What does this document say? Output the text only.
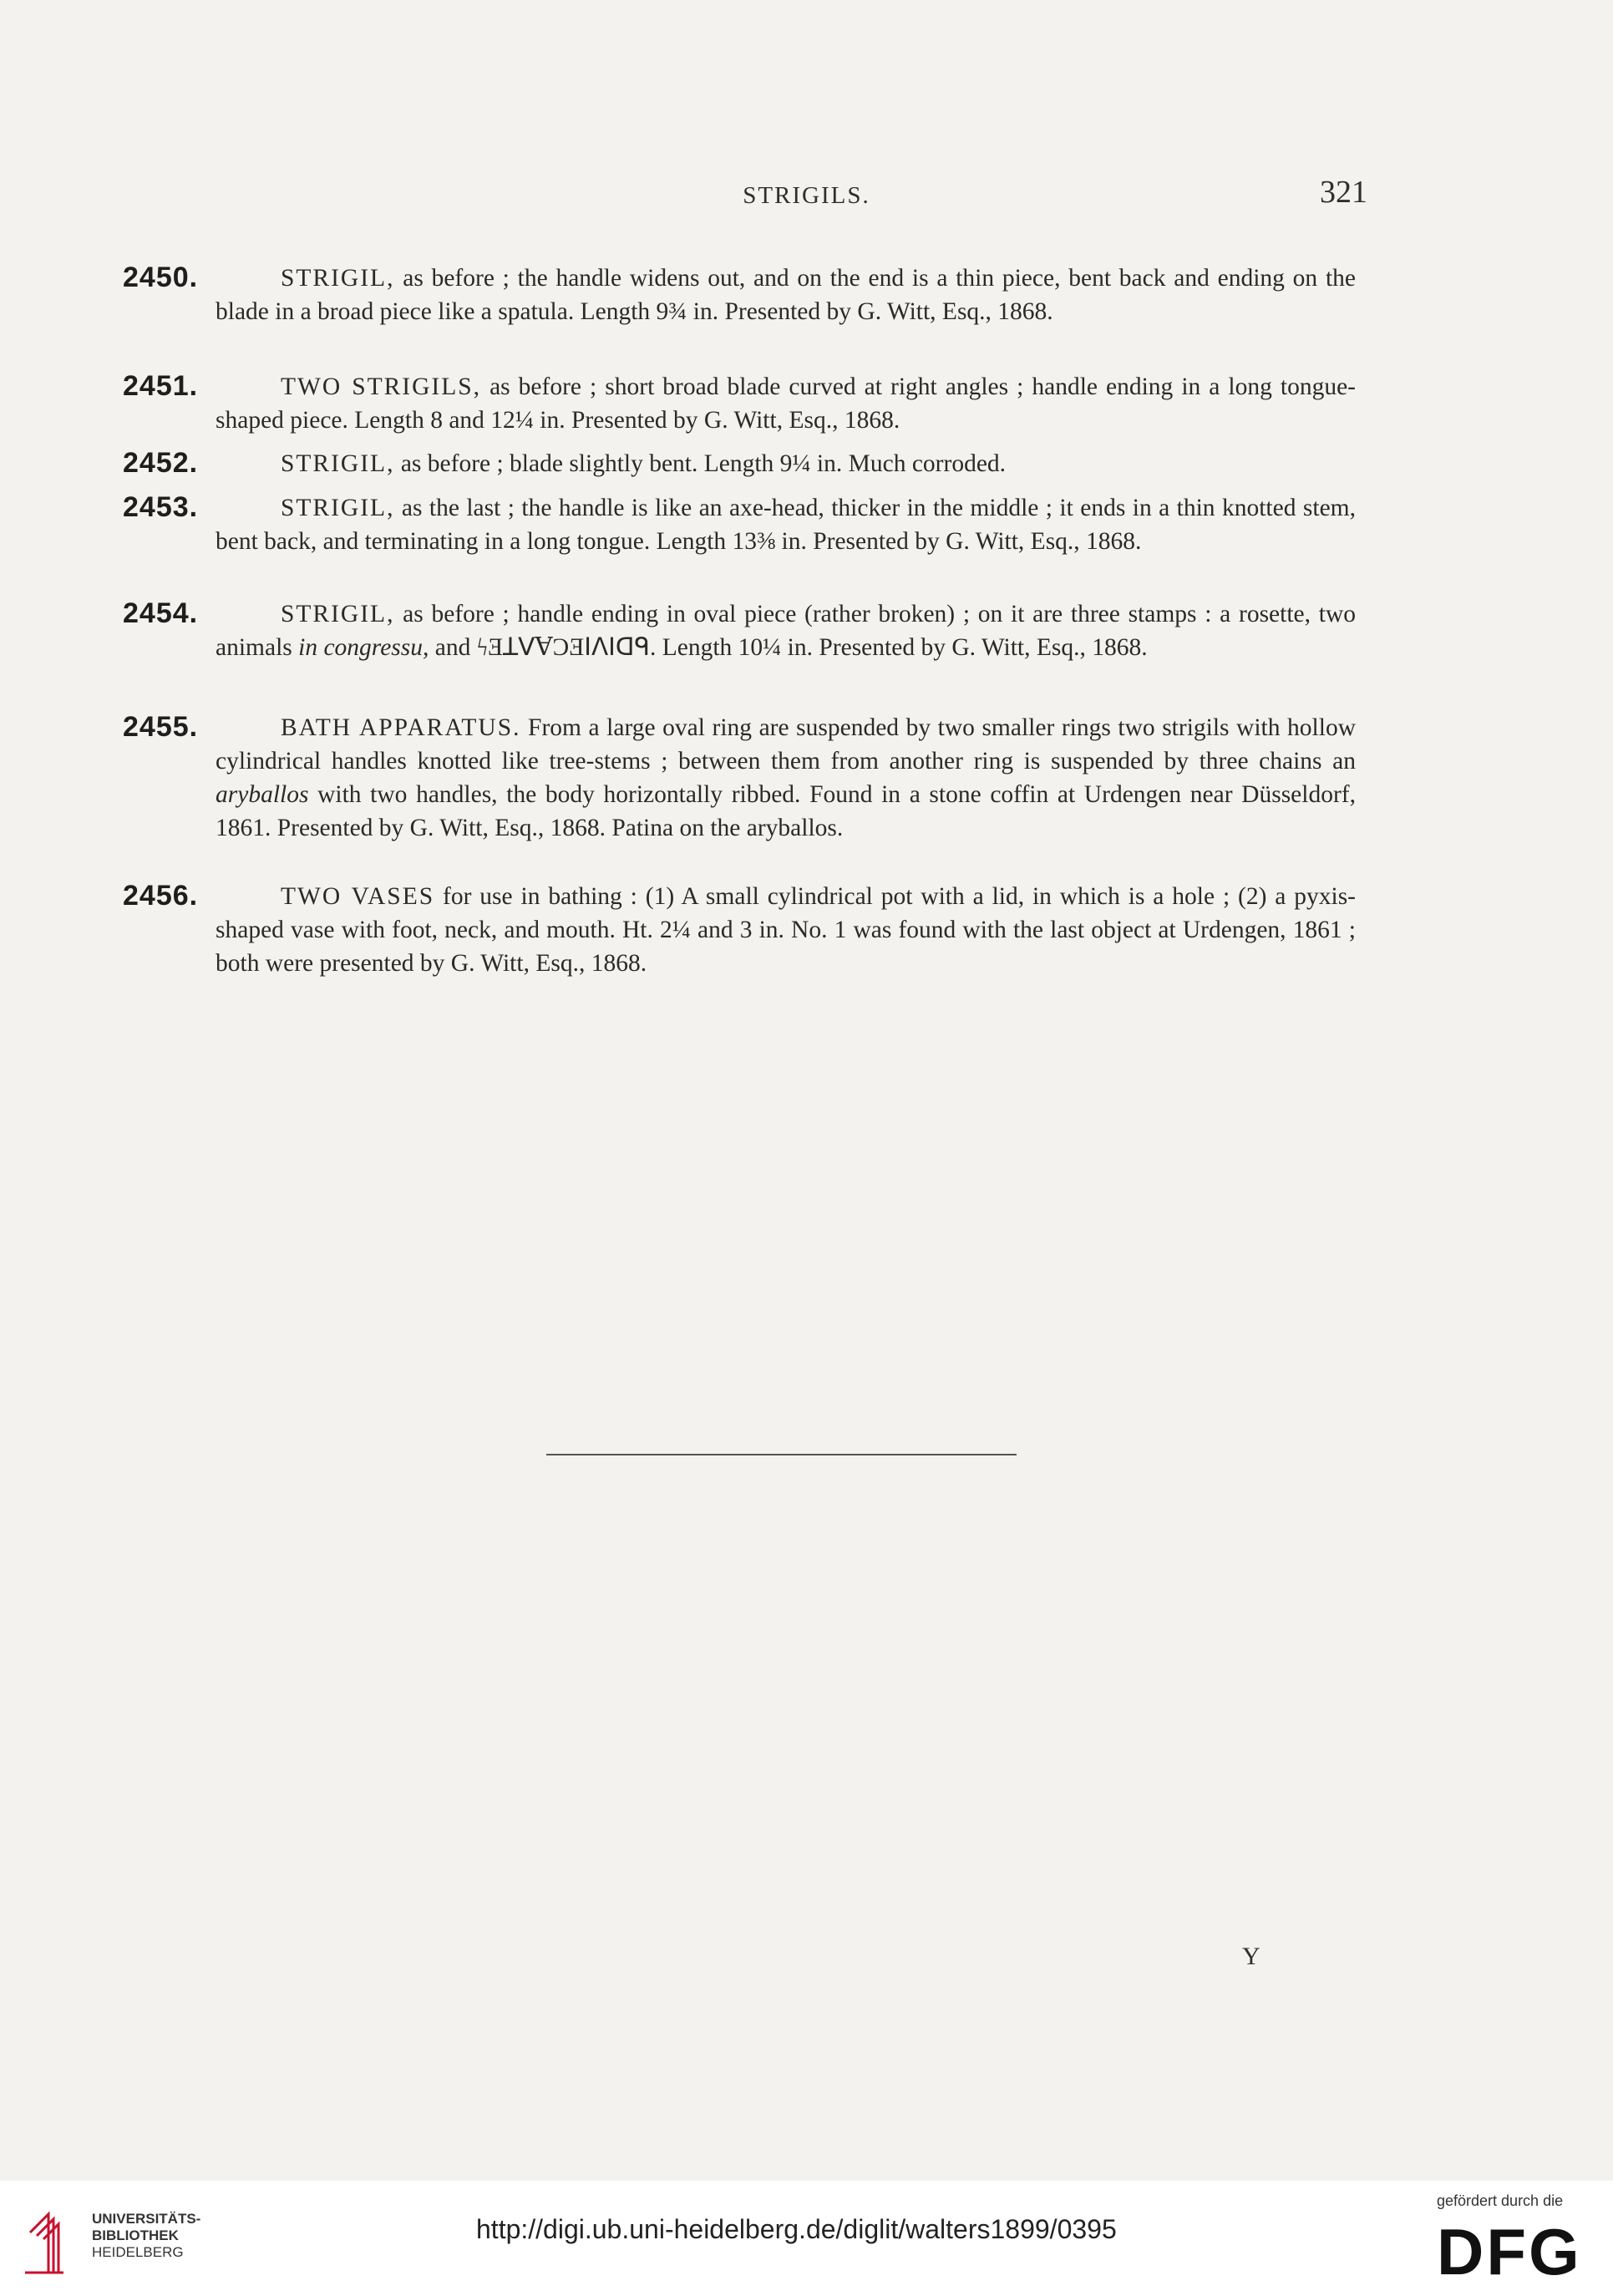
STRIGILS.	321
2450.	STRIGIL, as before ; the handle widens out, and on the end is a thin piece, bent back and ending on the blade in a broad piece like a spatula. Length 9¾ in. Presented by G. Witt, Esq., 1868.
2451.	TWO STRIGILS, as before ; short broad blade curved at right angles ; handle ending in a long tongue-shaped piece. Length 8 and 12¼ in. Presented by G. Witt, Esq., 1868.
2452.	STRIGIL, as before ; blade slightly bent. Length 9¼ in. Much corroded.
2453.	STRIGIL, as the last ; the handle is like an axe-head, thicker in the middle ; it ends in a thin knotted stem, bent back, and terminating in a long tongue. Length 13⅜ in. Presented by G. Witt, Esq., 1868.
2454.	STRIGIL, as before ; handle ending in oval piece (rather broken) ; on it are three stamps : a rosette, two animals in congressu, and ϟƎꓕꓦⱯƆƎꓲꓥꓲꓷᑫ. Length 10¼ in. Presented by G. Witt, Esq., 1868.
2455.	BATH APPARATUS. From a large oval ring are suspended by two smaller rings two strigils with hollow cylindrical handles knotted like tree-stems ; between them from another ring is suspended by three chains an aryballos with two handles, the body horizontally ribbed. Found in a stone coffin at Urdengen near Düsseldorf, 1861. Presented by G. Witt, Esq., 1868. Patina on the aryballos.
2456.	TWO VASES for use in bathing : (1) A small cylindrical pot with a lid, in which is a hole ; (2) a pyxis-shaped vase with foot, neck, and mouth. Ht. 2¼ and 3 in. No. 1 was found with the last object at Urdengen, 1861 ; both were presented by G. Witt, Esq., 1868.
Y
UNIVERSITÄTS-
BIBLIOTHEK
HEIDELBERG
http://digi.ub.uni-heidelberg.de/diglit/walters1899/0395
gefördert durch die
DFG
